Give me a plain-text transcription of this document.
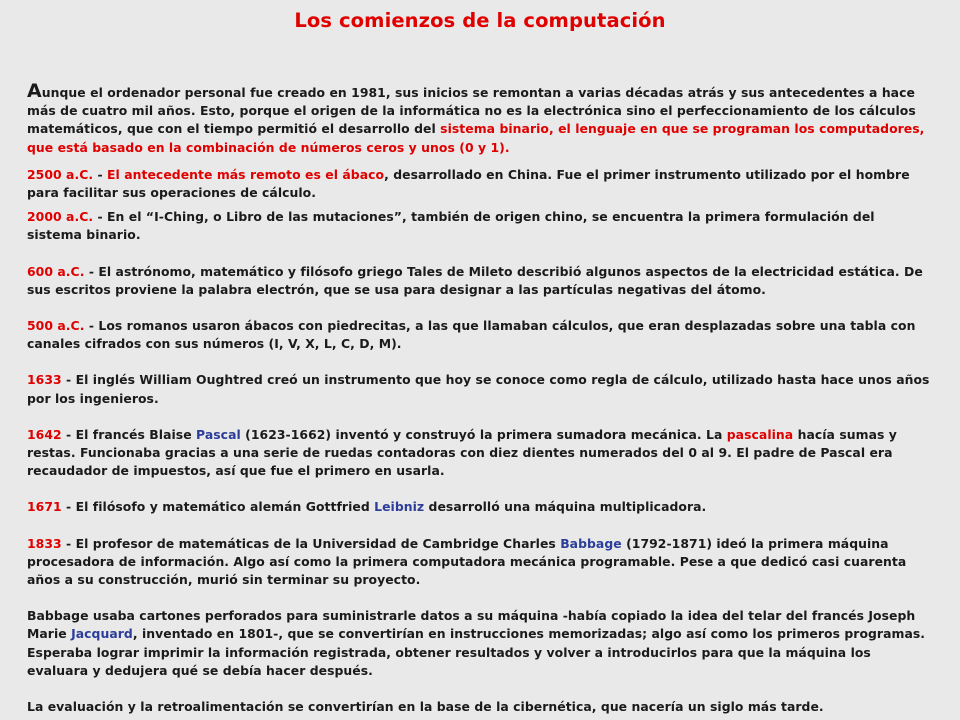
Los comienzos de la computación

Aunque el ordenador personal fue creado en 1981, sus inicios se remontan a varias décadas atrás y sus antecedentes a hace más de cuatro mil años. Esto, porque el origen de la informática no es la electrónica sino el perfeccionamiento de los cálculos matemáticos, que con el tiempo permitió el desarrollo del sistema binario, el lenguaje en que se programan los computadores, que está basado en la combinación de números ceros y unos (0 y 1).

2500 a.C. - El antecedente más remoto es el ábaco, desarrollado en China. Fue el primer instrumento utilizado por el hombre para facilitar sus operaciones de cálculo.

2000 a.C. - En el “I-Ching, o Libro de las mutaciones”, también de origen chino, se encuentra la primera formulación del sistema binario.

600 a.C. - El astrónomo, matemático y filósofo griego Tales de Mileto describió algunos aspectos de la electricidad estática. De sus escritos proviene la palabra electrón, que se usa para designar a las partículas negativas del átomo.

500 a.C. - Los romanos usaron ábacos con piedrecitas, a las que llamaban cálculos, que eran desplazadas sobre una tabla con canales cifrados con sus números (I, V, X, L, C, D, M).

1633 - El inglés William Oughtred creó un instrumento que hoy se conoce como regla de cálculo, utilizado hasta hace unos años por los ingenieros.

1642 - El francés Blaise Pascal (1623-1662) inventó y construyó la primera sumadora mecánica. La pascalina hacía sumas y restas. Funcionaba gracias a una serie de ruedas contadoras con diez dientes numerados del 0 al 9. El padre de Pascal era recaudador de impuestos, así que fue el primero en usarla.

1671 - El filósofo y matemático alemán Gottfried Leibniz desarrolló una máquina multiplicadora.

1833 - El profesor de matemáticas de la Universidad de Cambridge Charles Babbage (1792-1871) ideó la primera máquina procesadora de información. Algo así como la primera computadora mecánica programable. Pese a que dedicó casi cuarenta años a su construcción, murió sin terminar su proyecto.

Babbage usaba cartones perforados para suministrarle datos a su máquina -había copiado la idea del telar del francés Joseph Marie Jacquard, inventado en 1801-, que se convertirían en instrucciones memorizadas; algo así como los primeros programas. Esperaba lograr imprimir la información registrada, obtener resultados y volver a introducirlos para que la máquina los evaluara y dedujera qué se debía hacer después.

La evaluación y la retroalimentación se convertirían en la base de la cibernética, que nacería un siglo más tarde.
